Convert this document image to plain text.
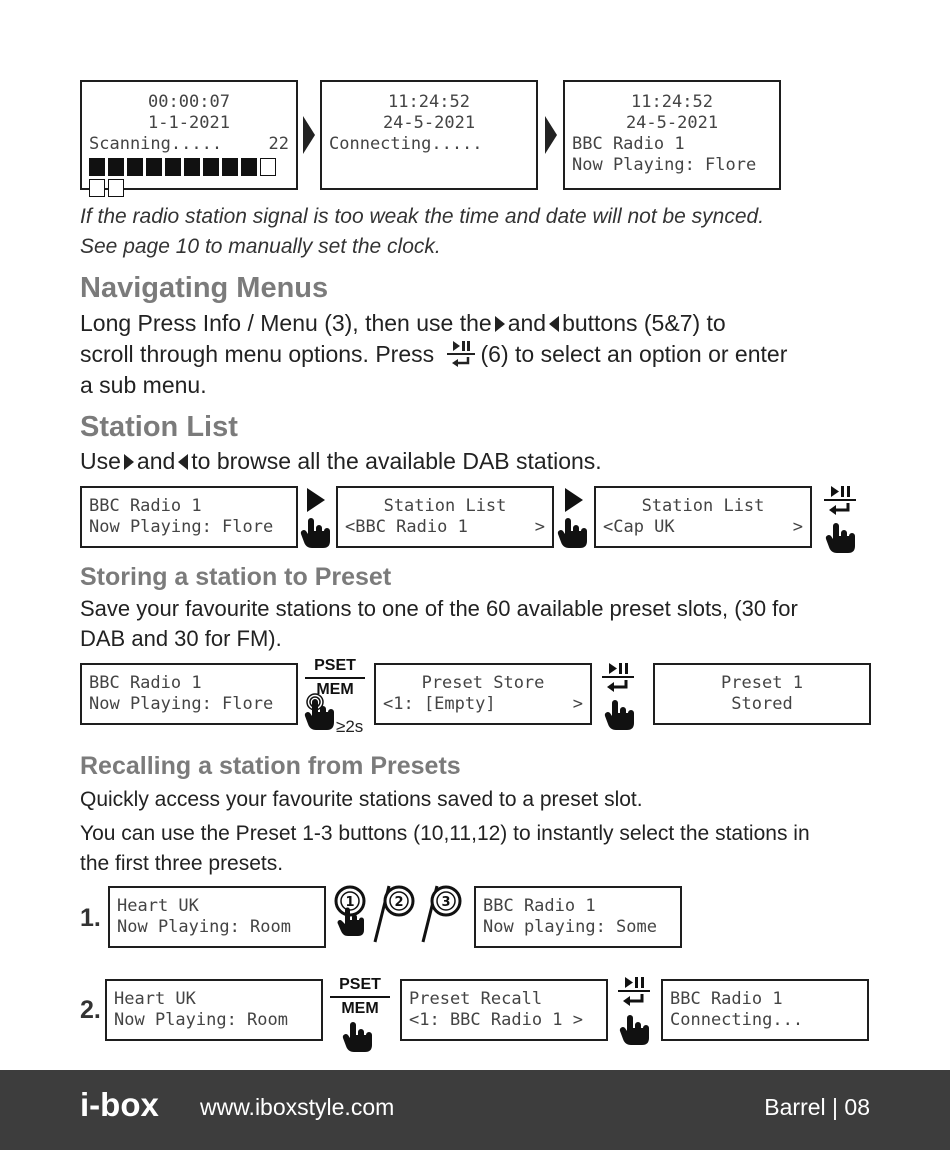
00:00:07
1-1-2021
Scanning.....	22
11:24:52
24-5-2021
Connecting.....
11:24:52
24-5-2021
BBC Radio 1
Now Playing: Flore
If the radio station signal is too weak the time and date will not be synced.
See page 10 to manually set the clock.
Navigating Menus
Long Press Info / Menu (3), then use the and buttons (5&7) to
scroll through menu options. Press (6) to select an option or enter
a sub menu.
Station List
Use and to browse all the available DAB stations.
BBC Radio 1
Now Playing: Flore
Station List
<BBC Radio 1	>
Station List
<Cap UK	>
Storing a station to Preset
Save your favourite stations to one of the 60 available preset slots, (30 for
DAB and 30 for FM).
BBC Radio 1
Now Playing: Flore
PSET
MEM
≥2s
Preset Store
<1: [Empty]	>
Preset 1
Stored
Recalling a station from Presets
Quickly access your favourite stations saved to a preset slot.
You can use the Preset 1-3 buttons (10,11,12) to instantly select the stations in
the first three presets.
1. Heart UK
Now Playing: Room
1	2	3	BBC Radio 1
Now playing: Some
2. Heart UK
Now Playing: Room
PSET
MEM	Preset Recall
<1: BBC Radio 1 >
BBC Radio 1
Connecting...
i-box www.iboxstyle.com	Barrel | 08
